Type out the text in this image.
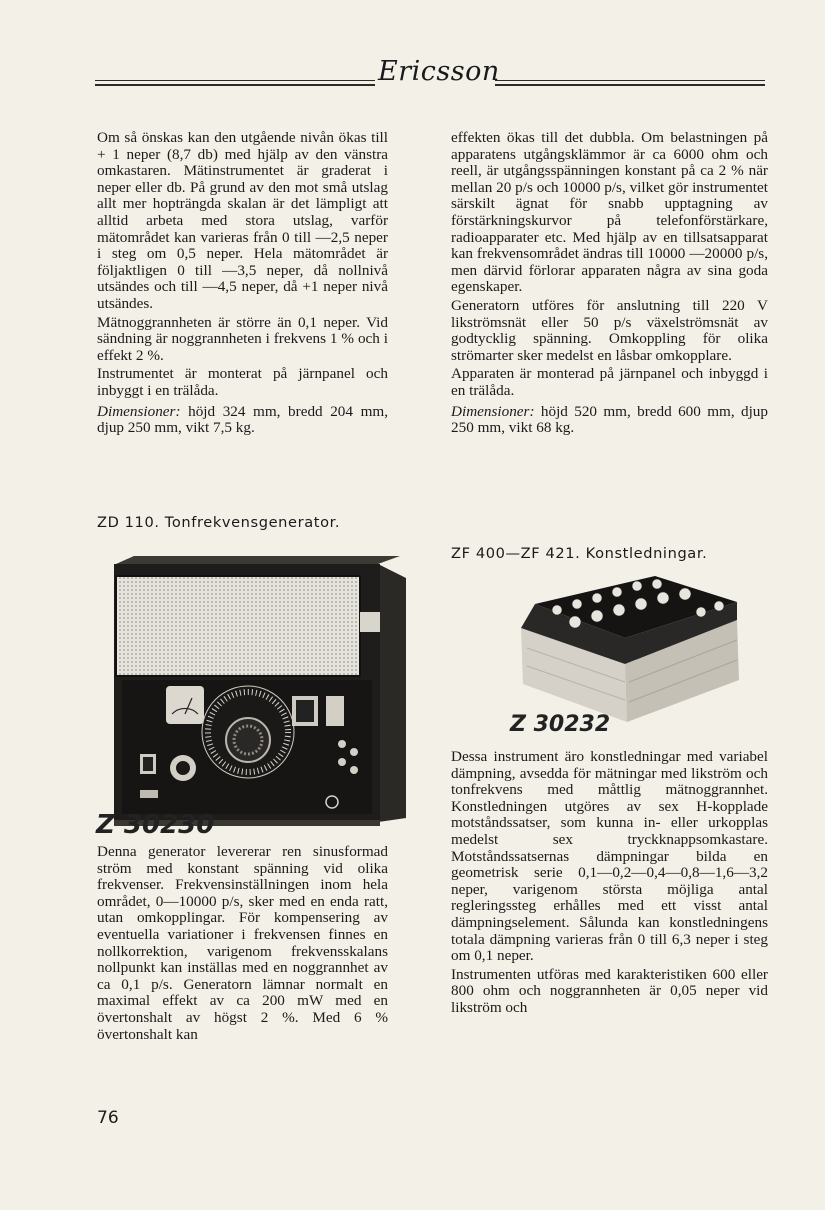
Ericsson

Om så önskas kan den utgående nivån ökas till + 1 neper (8,7 db) med hjälp av den vänstra omkastaren. Mätinstrumentet är graderat i neper eller db. På grund av den mot små utslag allt mer hopträngda skalan är det lämpligt att alltid arbeta med stora utslag, varför mätområdet kan varieras från 0 till —2,5 neper i steg om 0,5 neper. Hela mätområdet är följaktligen 0 till —3,5 neper, då nollnivå utsändes och till —4,5 neper, då +1 neper nivå utsändes.

Mätnoggrannheten är större än 0,1 neper. Vid sändning är noggrannheten i frekvens 1 % och i effekt 2 %.

Instrumentet är monterat på järnpanel och inbyggt i en trälåda.

Dimensioner: höjd 324 mm, bredd 204 mm, djup 250 mm, vikt 7,5 kg.

ZD 110. Tonfrekvensgenerator.
Z 30230

Denna generator levererar ren sinusformad ström med konstant spänning vid olika frekvenser. Frekvensinställningen inom hela området, 0—10000 p/s, sker med en enda ratt, utan omkopplingar. För kompensering av eventuella variationer i frekvensen finnes en nollkorrektion, varigenom frekvensskalans nollpunkt kan inställas med en noggrannhet av ca 0,1 p/s. Generatorn lämnar normalt en maximal effekt av ca 200 mW med en övertonshalt av högst 2 %. Med 6 % övertonshalt kan

76

effekten ökas till det dubbla. Om belastningen på apparatens utgångsklämmor är ca 6000 ohm och reell, är utgångsspänningen konstant på ca 2 % när mellan 20 p/s och 10000 p/s, vilket gör instrumentet särskilt ägnat för snabb upptagning av förstärkningskurvor på telefonförstärkare, radioapparater etc. Med hjälp av en tillsatsapparat kan frekvensområdet ändras till 10000 —20000 p/s, men därvid förlorar apparaten några av sina goda egenskaper.

Generatorn utföres för anslutning till 220 V likströmsnät eller 50 p/s växelströmsnät av godtycklig spänning. Omkoppling för olika strömarter sker medelst en låsbar omkopplare.

Apparaten är monterad på järnpanel och inbyggd i en trälåda.

Dimensioner: höjd 520 mm, bredd 600 mm, djup 250 mm, vikt 68 kg.

ZF 400—ZF 421. Konstledningar.
Z 30232

Dessa instrument äro konstledningar med variabel dämpning, avsedda för mätningar med likström och tonfrekvens med måttlig mätnoggrannhet. Konstledningen utgöres av sex H-kopplade motståndssatser, som kunna in- eller urkopplas medelst sex tryckknappsomkastare. Motståndssatsernas dämpningar bilda en geometrisk serie 0,1—0,2—0,4—0,8—1,6—3,2 neper, varigenom största möjliga antal regleringssteg erhålles med ett visst antal dämpningselement. Sålunda kan konstledningens totala dämpning varieras från 0 till 6,3 neper i steg om 0,1 neper.

Instrumenten utföras med karakteristiken 600 eller 800 ohm och noggrannheten är 0,05 neper vid likström och
